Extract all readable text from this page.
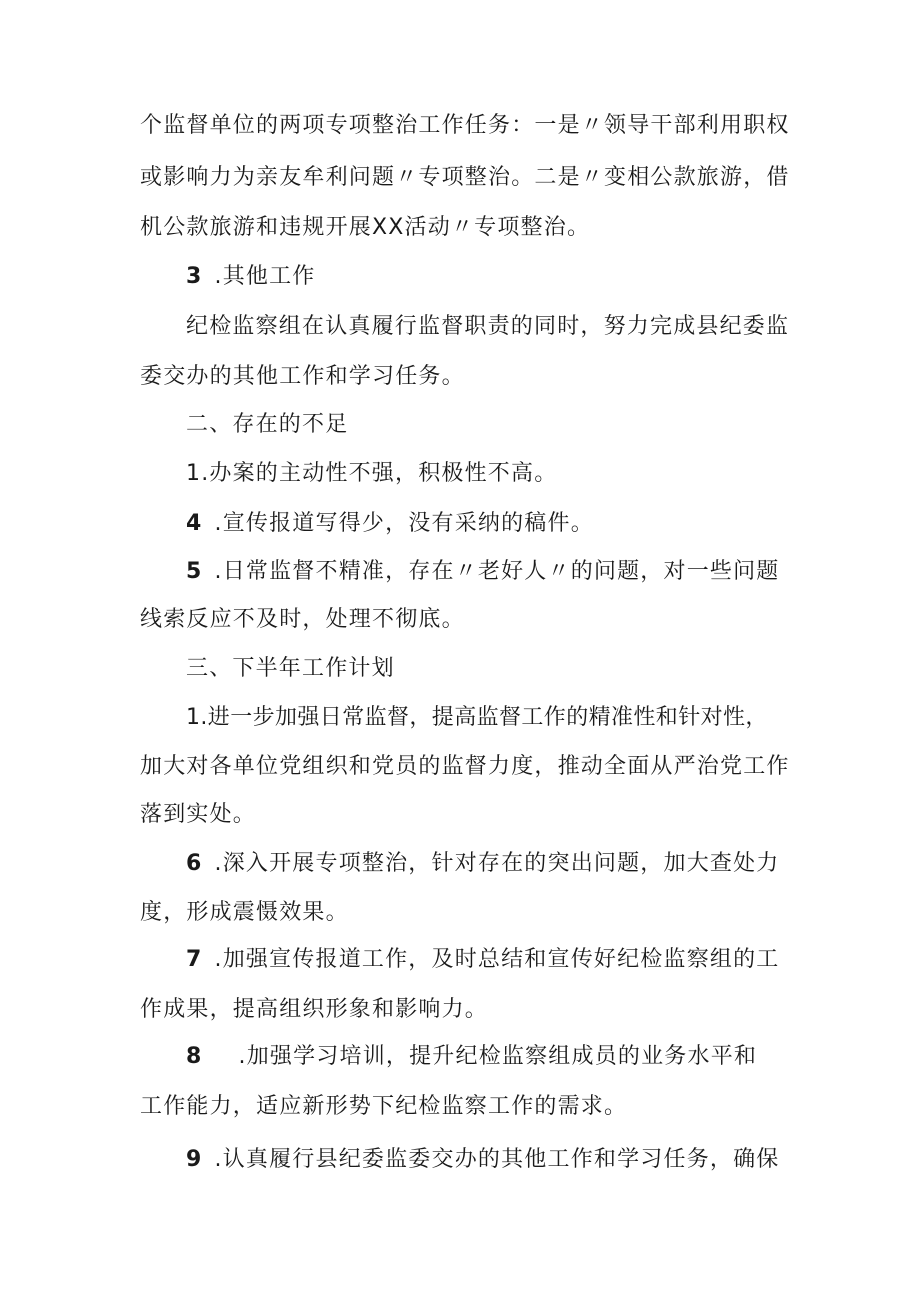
个监督单位的两项专项整治工作任务：一是〃领导干部利用职权
或影响力为亲友牟利问题〃专项整治。二是〃变相公款旅游，借
机公款旅游和违规开展XX活动〃专项整治。
3 .其他工作
纪检监察组在认真履行监督职责的同时，努力完成县纪委监
委交办的其他工作和学习任务。
二、存在的不足
1.办案的主动性不强，积极性不高。
4 .宣传报道写得少，没有采纳的稿件。
5 .日常监督不精准，存在〃老好人〃的问题，对一些问题
线索反应不及时，处理不彻底。
三、下半年工作计划
1.进一步加强日常监督，提高监督工作的精准性和针对性，
加大对各单位党组织和党员的监督力度，推动全面从严治党工作
落到实处。
6 .深入开展专项整治，针对存在的突出问题，加大查处力
度，形成震慑效果。
7 .加强宣传报道工作，及时总结和宣传好纪检监察组的工
作成果，提高组织形象和影响力。
8 .加强学习培训，提升纪检监察组成员的业务水平和
工作能力，适应新形势下纪检监察工作的需求。
9 .认真履行县纪委监委交办的其他工作和学习任务，确保
